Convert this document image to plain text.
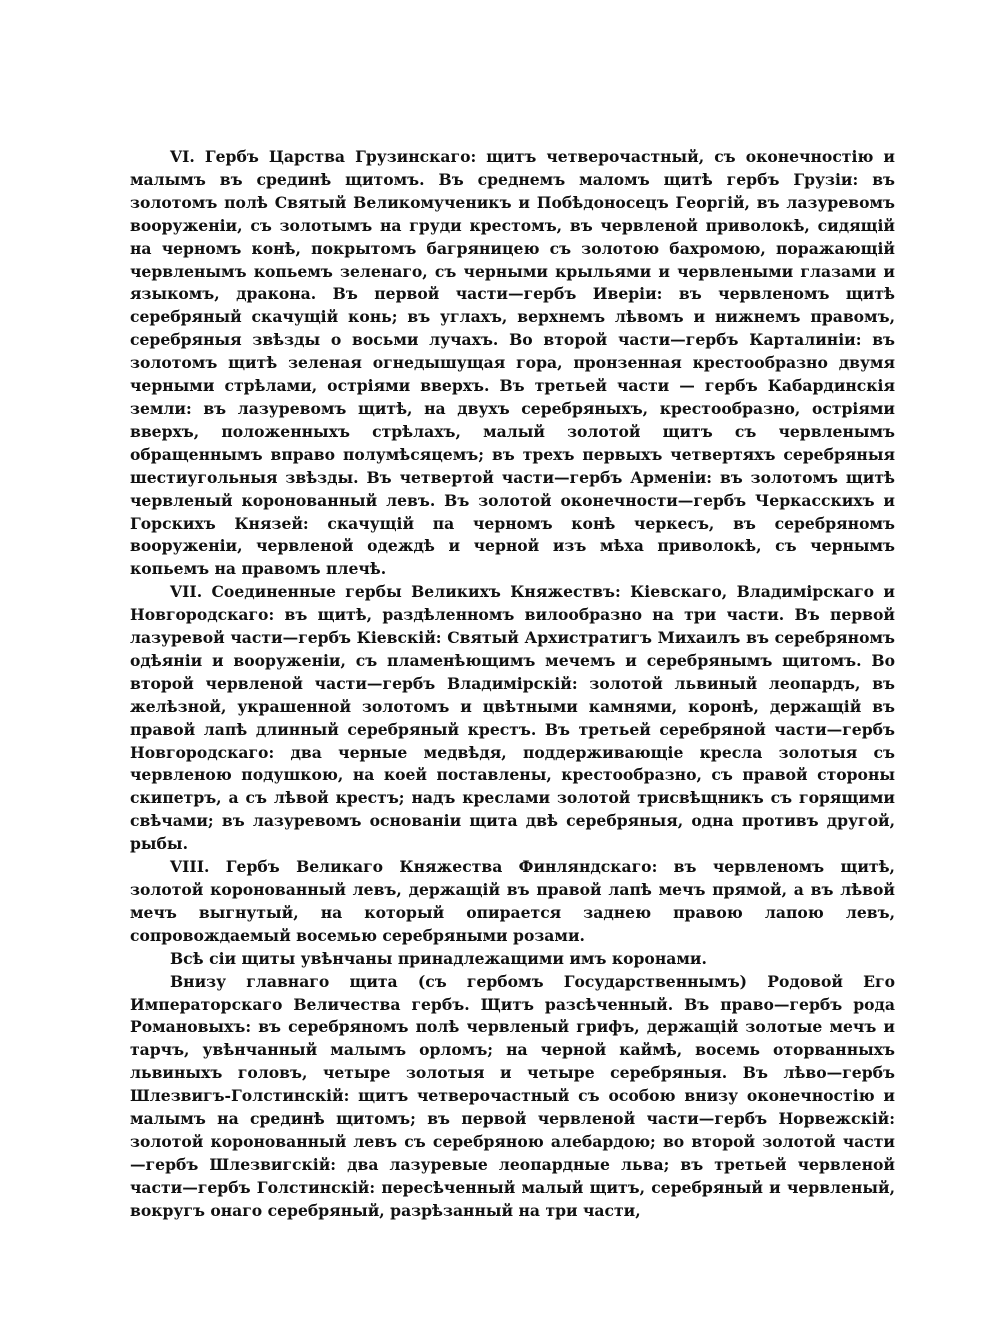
VI. Гербъ Царства Грузинскаго: щитъ четверочастный, съ оконечностію и малымъ въ срединѣ щитомъ. Въ среднемъ маломъ щитѣ гербъ Грузіи: въ золотомъ полѣ Святый Великомученикъ и Побѣдоносецъ Георгій, въ лазуревомъ вооруженіи, съ золотымъ на груди крестомъ, въ червленой приволокѣ, сидящій на черномъ конѣ, покрытомъ багряницею съ золотою бахромою, поражающій червленымъ копьемъ зеленаго, съ черными крыльями и червлеными глазами и языкомъ, дракона. Въ первой части—гербъ Иверіи: въ червленомъ щитѣ серебряный скачущій конь; въ углахъ, верхнемъ лѣвомъ и нижнемъ правомъ, серебряныя звѣзды о восьми лучахъ. Во второй части—гербъ Карталиніи: въ золотомъ щитѣ зеленая огнедышущая гора, пронзенная крестообразно двумя черными стрѣлами, остріями вверхъ. Въ третьей части — гербъ Кабардинскія земли: въ лазуревомъ щитѣ, на двухъ серебряныхъ, крестообразно, остріями вверхъ, положенныхъ стрѣлахъ, малый золотой щитъ съ червленымъ обращеннымъ вправо полумѣсяцемъ; въ трехъ первыхъ четвертяхъ серебряныя шестиугольныя звѣзды. Въ четвертой части—гербъ Арменіи: въ золотомъ щитѣ червленый коронованный левъ. Въ золотой оконечности—гербъ Черкасскихъ и Горскихъ Князей: скачущій па черномъ конѣ черкесъ, въ серебряномъ вооруженіи, червленой одеждѣ и черной изъ мѣха приволокѣ, съ чернымъ копьемъ на правомъ плечѣ.

VII. Соединенные гербы Великихъ Княжествъ: Кіевскаго, Владимірскаго и Новгородскаго: въ щитѣ, раздѣленномъ вилообразно на три части. Въ первой лазуревой части—гербъ Кіевскій: Святый Архистратигъ Михаилъ въ серебряномъ одѣяніи и вооруженіи, съ пламенѣющимъ мечемъ и серебрянымъ щитомъ. Во второй червленой части—гербъ Владимірскій: золотой львиный леопардъ, въ желѣзной, украшенной золотомъ и цвѣтными камнями, коронѣ, держащій въ правой лапѣ длинный серебряный крестъ. Въ третьей серебряной части—гербъ Новгородскаго: два черные медвѣдя, поддерживающіе кресла золотыя съ червленою подушкою, на коей поставлены, крестообразно, съ правой стороны скипетръ, а съ лѣвой крестъ; надъ креслами золотой трисвѣщникъ съ горящими свѣчами; въ лазуревомъ основаніи щита двѣ серебряныя, одна противъ другой, рыбы.

VIII. Гербъ Великаго Княжества Финляндскаго: въ червленомъ щитѣ, золотой коронованный левъ, держащій въ правой лапѣ мечъ прямой, а въ лѣвой мечъ выгнутый, на который опирается заднею правою лапою левъ, сопровождаемый восемью серебряными розами.

Всѣ сіи щиты увѣнчаны принадлежащими имъ коронами.

Внизу главнаго щита (съ гербомъ Государственнымъ) Родовой Его Императорскаго Величества гербъ. Щитъ разсѣченный. Въ право—гербъ рода Романовыхъ: въ серебряномъ полѣ червленый грифъ, держащій золотые мечъ и тарчъ, увѣнчанный малымъ орломъ; на черной каймѣ, восемь оторванныхъ львиныхъ головъ, четыре золотыя и четыре серебряныя. Въ лѣво—гербъ Шлезвигъ-Голстинскій: щитъ четверочастный съ особою внизу оконечностію и малымъ на срединѣ щитомъ; въ первой червленой части—гербъ Норвежскій: золотой коронованный левъ съ серебряною алебардою; во второй золотой части—гербъ Шлезвигскій: два лазуревые леопардные льва; въ третьей червленой части—гербъ Голстинскій: пересѣченный малый щитъ, серебряный и червленый, вокругъ онаго серебряный, разрѣзанный на три части,
